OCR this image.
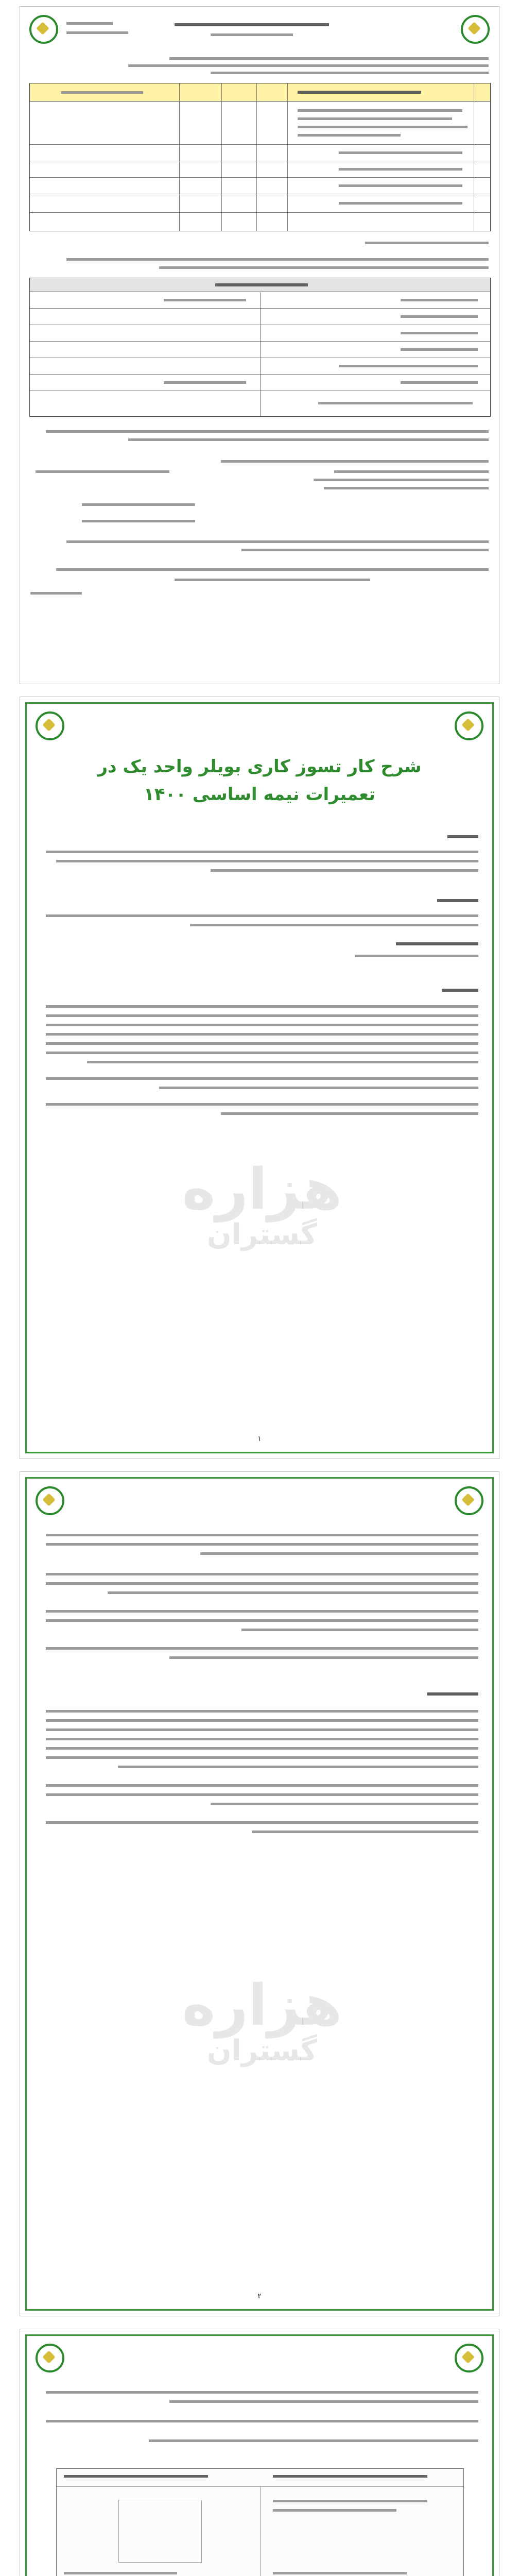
شرح کار تسوز کاری بویلر واحد یک در تعمیرات نیمه اساسی ۱۴۰۰
هزاره
گستران
۱
هزاره
گستران
۲
